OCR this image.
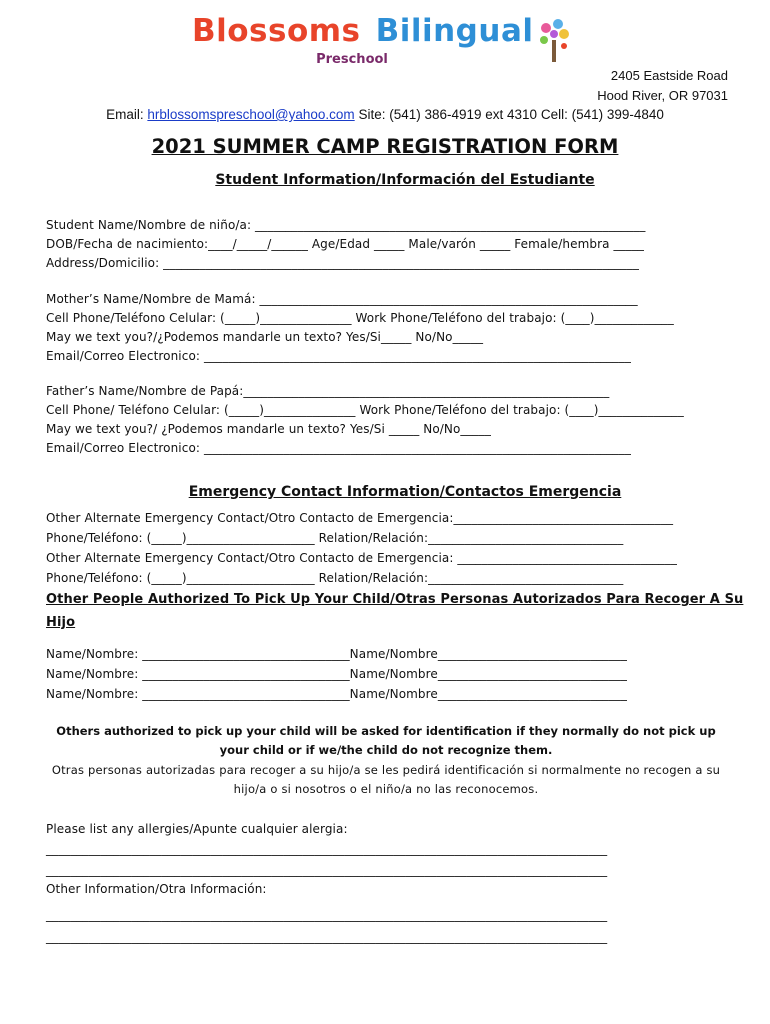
Blossoms Bilingual
Preschool
2405 Eastside Road
Hood River, OR 97031
Email: hrblossomspreschool@yahoo.com Site: (541) 386-4919 ext 4310 Cell: (541) 399-4840
2021 SUMMER CAMP REGISTRATION FORM
Student Information/Información del Estudiante
Student Name/Nombre de niño/a: ________________________________________________________________
DOB/Fecha de nacimiento:____/_____/______ Age/Edad _____ Male/varón _____ Female/hembra _____
Address/Domicilio: ______________________________________________________________________________
Mother’s Name/Nombre de Mamá: ______________________________________________________________
Cell Phone/Teléfono Celular: (_____)_______________ Work Phone/Teléfono del trabajo: (____)_____________
May we text you?/¿Podemos mandarle un texto? Yes/Si_____ No/No_____
Email/Correo Electronico: ______________________________________________________________________
Father’s Name/Nombre de Papá:____________________________________________________________
Cell Phone/ Teléfono Celular: (_____)_______________ Work Phone/Teléfono del trabajo: (____)______________
May we text you?/ ¿Podemos mandarle un texto? Yes/Si _____ No/No_____
Email/Correo Electronico: ______________________________________________________________________
Emergency Contact Information/Contactos Emergencia
Other Alternate Emergency Contact/Otro Contacto de Emergencia:____________________________________
Phone/Teléfono: (_____)_____________________ Relation/Relación:________________________________
Other Alternate Emergency Contact/Otro Contacto de Emergencia: ____________________________________
Phone/Teléfono: (_____)_____________________ Relation/Relación:________________________________
Other People Authorized To Pick Up Your Child/Otras Personas Autorizados Para Recoger A Su
Hijo
Name/Nombre: __________________________________Name/Nombre_______________________________
Name/Nombre: __________________________________Name/Nombre_______________________________
Name/Nombre: __________________________________Name/Nombre_______________________________
Others authorized to pick up your child will be asked for identification if they normally do not pick up your child or if we/the child do not recognize them.
Otras personas autorizadas para recoger a su hijo/a se les pedirá identificación si normalmente no recogen a su hijo/a o si nosotros o el niño/a no las reconocemos.
Please list any allergies/Apunte cualquier alergia:
____________________________________________________________________________________________
____________________________________________________________________________________________
Other Information/Otra Información:
____________________________________________________________________________________________
____________________________________________________________________________________________
